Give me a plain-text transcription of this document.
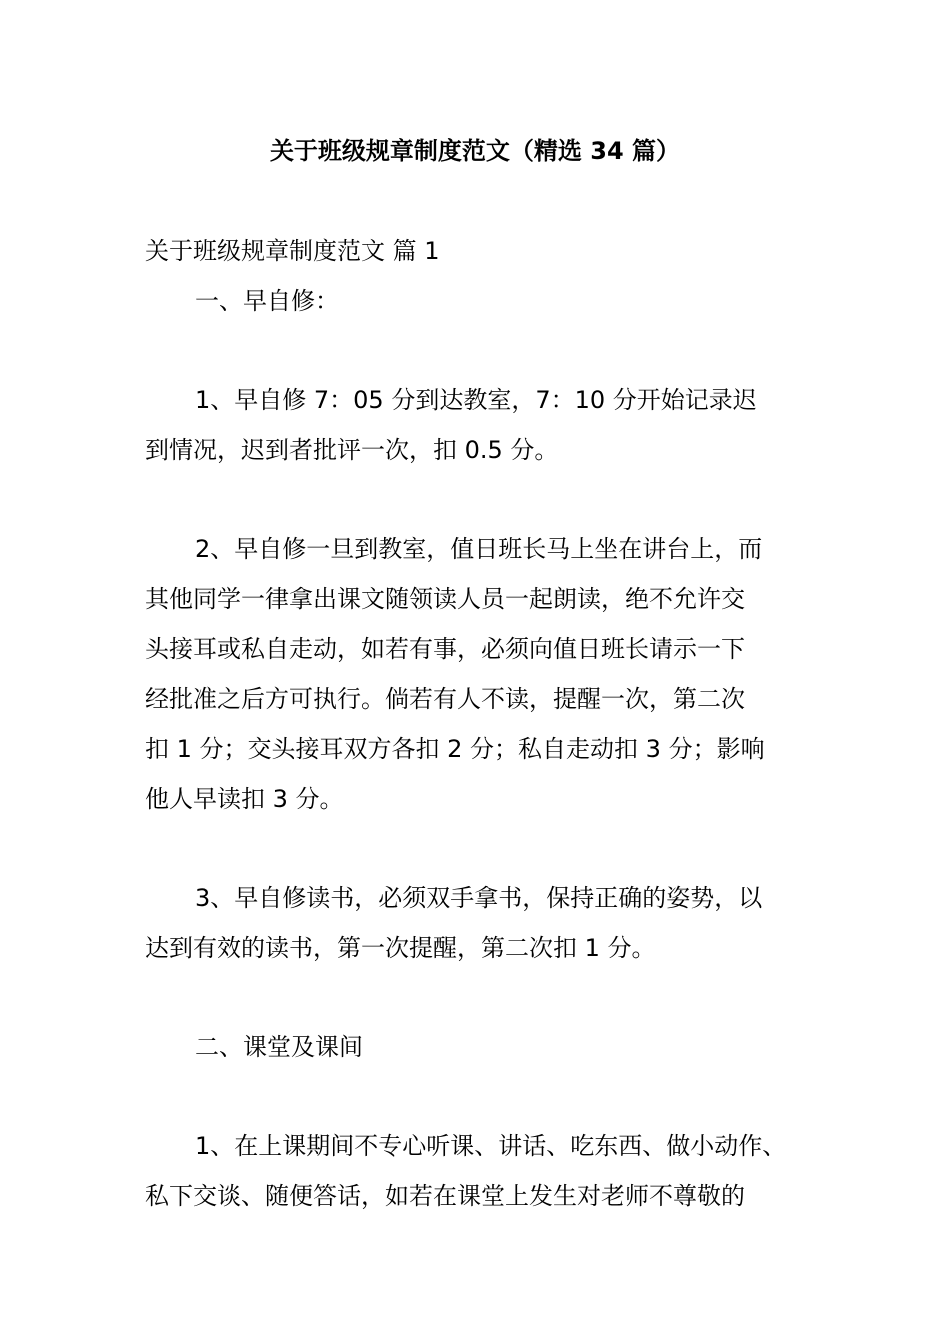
关于班级规章制度范文（精选 34 篇）
关于班级规章制度范文 篇 1
一、早自修：
1、早自修 7：05 分到达教室，7：10 分开始记录迟
到情况，迟到者批评一次，扣 0.5 分。
2、早自修一旦到教室，值日班长马上坐在讲台上，而
其他同学一律拿出课文随领读人员一起朗读，绝不允许交
头接耳或私自走动，如若有事，必须向值日班长请示一下
经批准之后方可执行。倘若有人不读，提醒一次，第二次
扣 1 分；交头接耳双方各扣 2 分；私自走动扣 3 分；影响
他人早读扣 3 分。
3、早自修读书，必须双手拿书，保持正确的姿势，以
达到有效的读书，第一次提醒，第二次扣 1 分。
二、课堂及课间
1、在上课期间不专心听课、讲话、吃东西、做小动作、
私下交谈、随便答话，如若在课堂上发生对老师不尊敬的
